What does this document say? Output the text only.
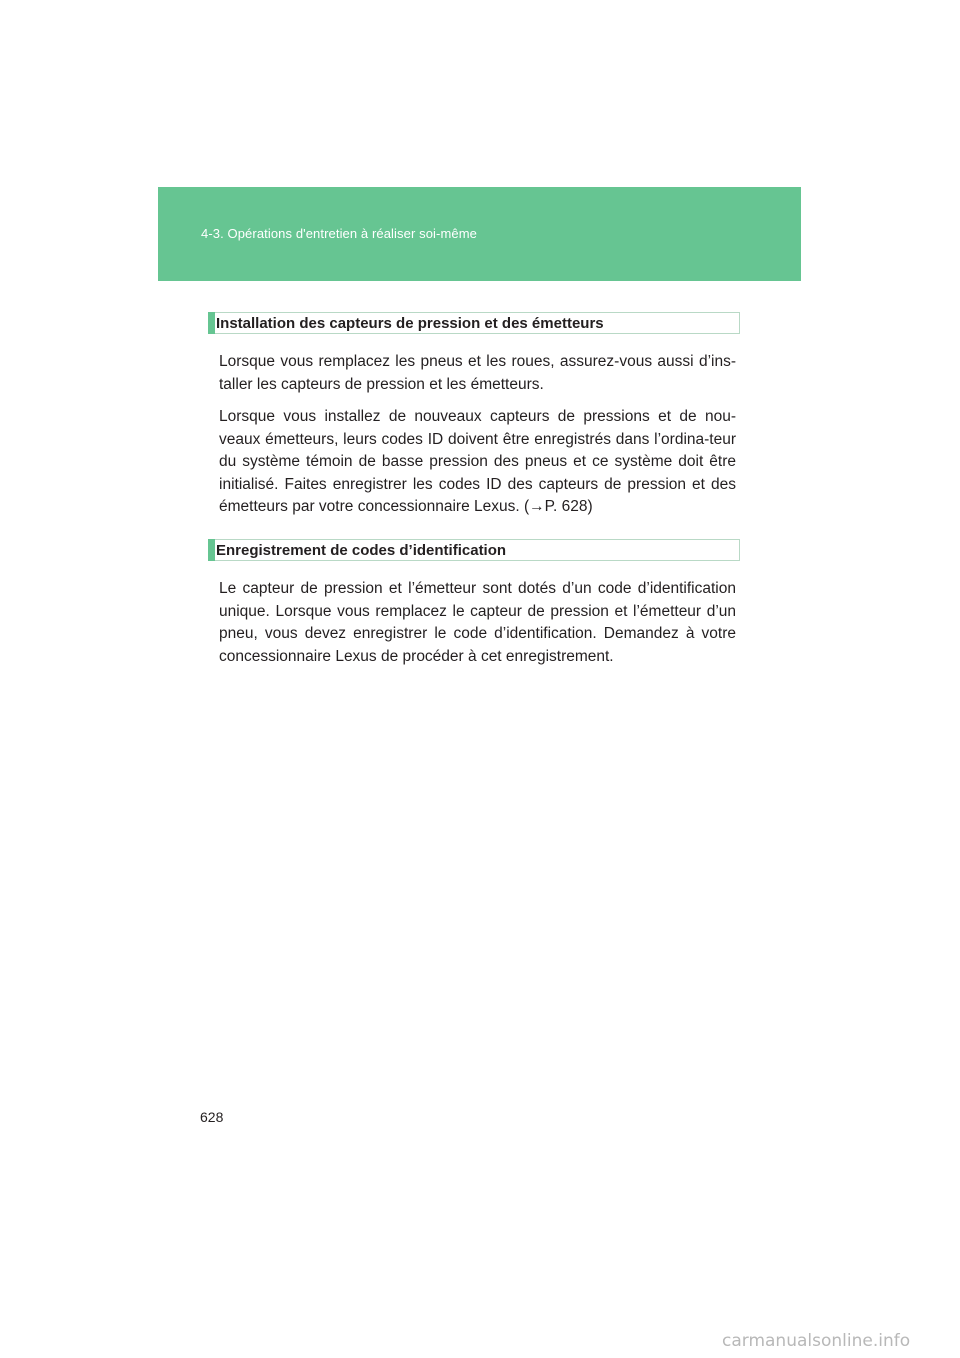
4-3. Opérations d'entretien à réaliser soi-même
Installation des capteurs de pression et des émetteurs
Lorsque vous remplacez les pneus et les roues, assurez-vous aussi d’ins-taller les capteurs de pression et les émetteurs.
Lorsque vous installez de nouveaux capteurs de pressions et de nou-veaux émetteurs, leurs codes ID doivent être enregistrés dans l’ordina-teur du système témoin de basse pression des pneus et ce système doit être initialisé. Faites enregistrer les codes ID des capteurs de pression et des émetteurs par votre concessionnaire Lexus. (→P. 628)
Enregistrement de codes d’identification
Le capteur de pression et l’émetteur sont dotés d’un code d’identification unique. Lorsque vous remplacez le capteur de pression et l’émetteur d’un pneu, vous devez enregistrer le code d’identification. Demandez à votre concessionnaire Lexus de procéder à cet enregistrement.
628
carmanualsonline.info
